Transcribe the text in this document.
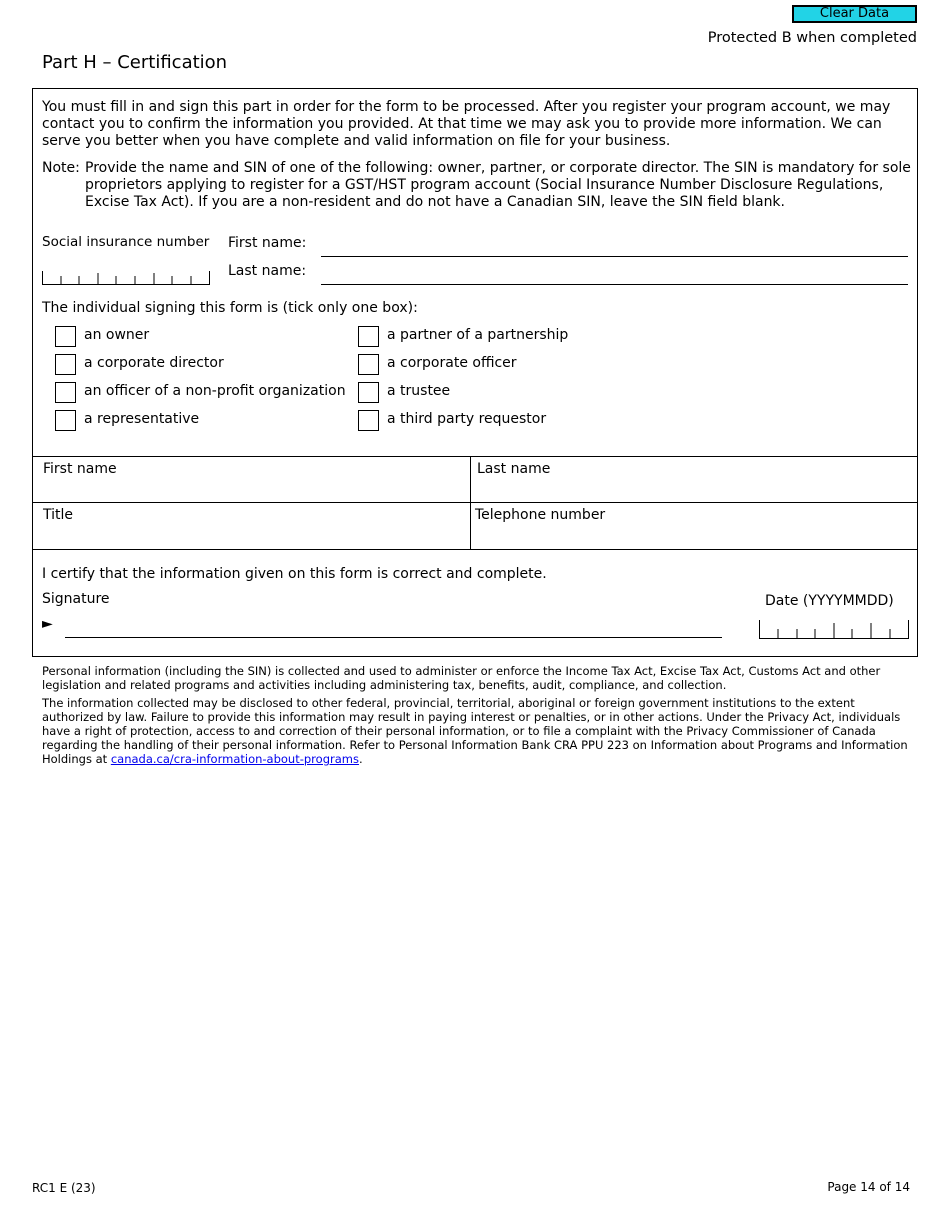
Clear Data
Protected B when completed
Part H – Certification
You must fill in and sign this part in order for the form to be processed. After you register your program account, we may contact you to confirm the information you provided. At that time we may ask you to provide more information. We can serve you better when you have complete and valid information on file for your business.
Note: Provide the name and SIN of one of the following: owner, partner, or corporate director. The SIN is mandatory for sole proprietors applying to register for a GST/HST program account (Social Insurance Number Disclosure Regulations, Excise Tax Act). If you are a non-resident and do not have a Canadian SIN, leave the SIN field blank.
Social insurance number First name:
Last name:
The individual signing this form is (tick only one box):
an owner
a corporate director
an officer of a non-profit organization
a representative
a partner of a partnership
a corporate officer
a trustee
a third party requestor
First name	Last name
Title	Telephone number
I certify that the information given on this form is correct and complete.
Signature
►
Date (YYYYMMDD)
Personal information (including the SIN) is collected and used to administer or enforce the Income Tax Act, Excise Tax Act, Customs Act and other legislation and related programs and activities including administering tax, benefits, audit, compliance, and collection.
The information collected may be disclosed to other federal, provincial, territorial, aboriginal or foreign government institutions to the extent authorized by law. Failure to provide this information may result in paying interest or penalties, or in other actions. Under the Privacy Act, individuals have a right of protection, access to and correction of their personal information, or to file a complaint with the Privacy Commissioner of Canada regarding the handling of their personal information. Refer to Personal Information Bank CRA PPU 223 on Information about Programs and Information Holdings at canada.ca/cra-information-about-programs.
RC1 E (23)	Page 14 of 14
